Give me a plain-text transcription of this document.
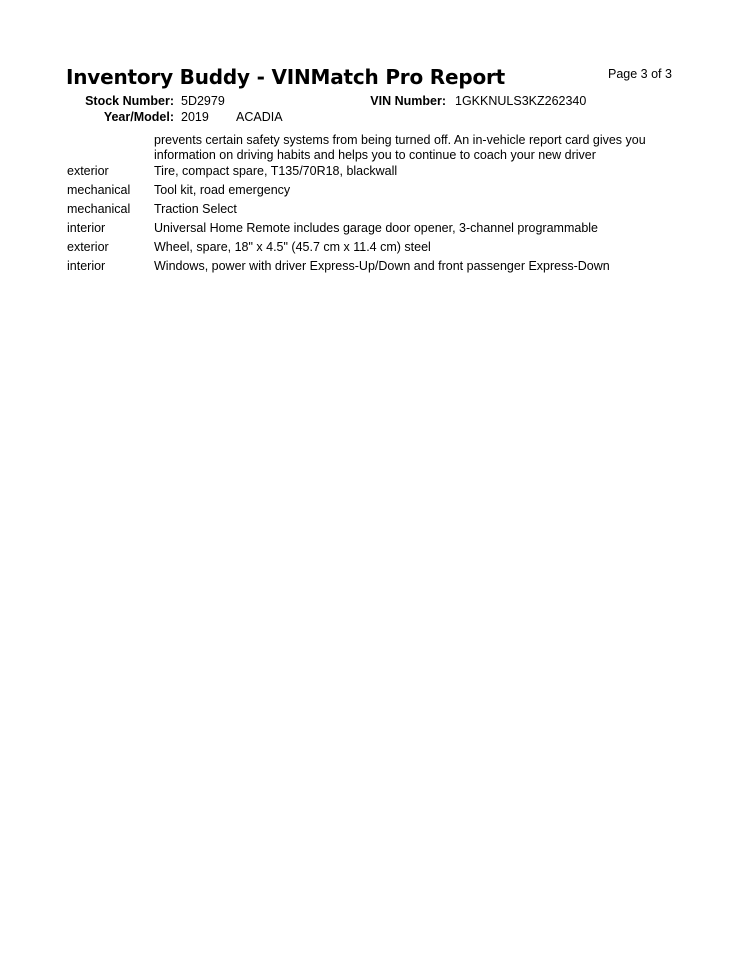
Inventory Buddy - VINMatch Pro Report	Page 3 of 3
Stock Number: 5D2979	VIN Number: 1GKKNULS3KZ262340
Year/Model: 2019 ACADIA
prevents certain safety systems from being turned off. An in-vehicle report card gives you information on driving habits and helps you to continue to coach your new driver
exterior	Tire, compact spare, T135/70R18, blackwall
mechanical Tool kit, road emergency
mechanical Traction Select
interior	Universal Home Remote includes garage door opener, 3-channel programmable
exterior	Wheel, spare, 18" x 4.5" (45.7 cm x 11.4 cm) steel
interior	Windows, power with driver Express-Up/Down and front passenger Express-Down
